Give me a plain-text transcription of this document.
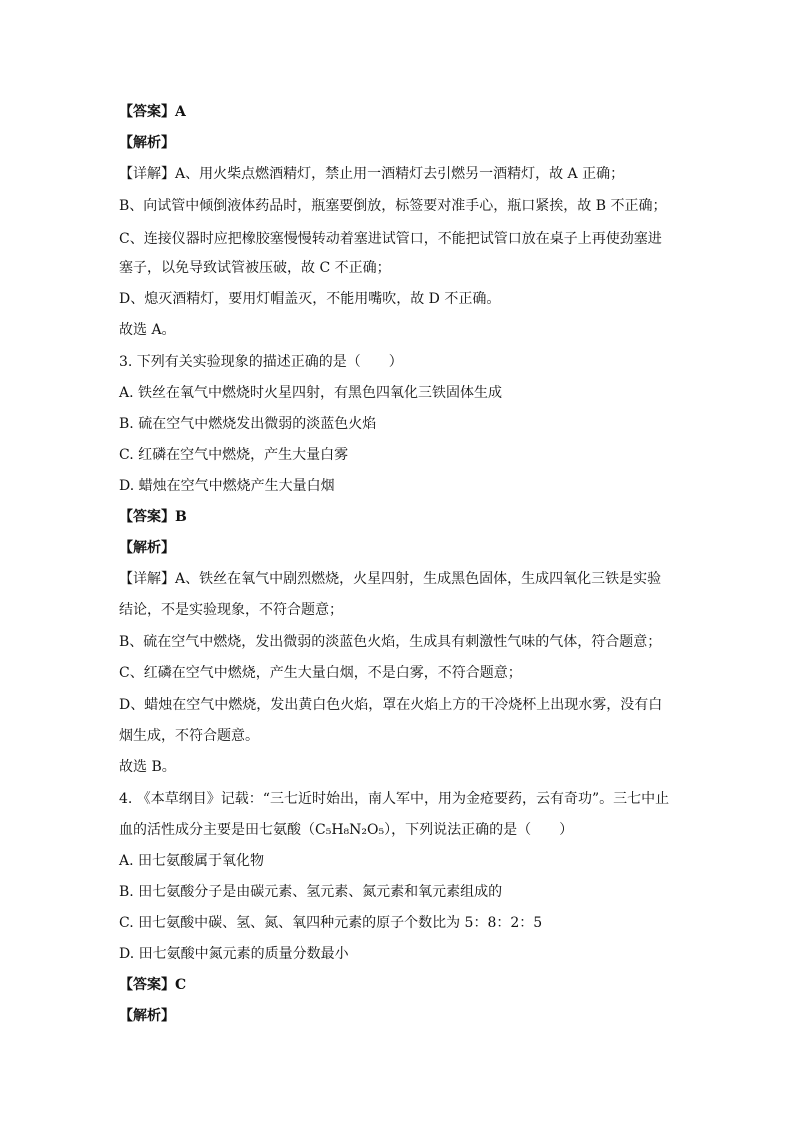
【答案】A
【解析】
【详解】A、用火柴点燃酒精灯，禁止用一酒精灯去引燃另一酒精灯，故 A 正确；
B、向试管中倾倒液体药品时，瓶塞要倒放，标签要对准手心，瓶口紧挨，故 B 不正确；
C、连接仪器时应把橡胶塞慢慢转动着塞进试管口，不能把试管口放在桌子上再使劲塞进
塞子，以免导致试管被压破，故 C 不正确；
D、熄灭酒精灯，要用灯帽盖灭，不能用嘴吹，故 D 不正确。
故选 A。
3. 下列有关实验现象的描述正确的是（　　）
A. 铁丝在氧气中燃烧时火星四射，有黑色四氧化三铁固体生成
B. 硫在空气中燃烧发出微弱的淡蓝色火焰
C. 红磷在空气中燃烧，产生大量白雾
D. 蜡烛在空气中燃烧产生大量白烟
【答案】B
【解析】
【详解】A、铁丝在氧气中剧烈燃烧，火星四射，生成黑色固体，生成四氧化三铁是实验
结论，不是实验现象，不符合题意；
B、硫在空气中燃烧，发出微弱的淡蓝色火焰，生成具有刺激性气味的气体，符合题意；
C、红磷在空气中燃烧，产生大量白烟，不是白雾，不符合题意；
D、蜡烛在空气中燃烧，发出黄白色火焰，罩在火焰上方的干冷烧杯上出现水雾，没有白
烟生成，不符合题意。
故选 B。
4. 《本草纲目》记载：“三七近时始出，南人军中，用为金疮要药，云有奇功”。三七中止
血的活性成分主要是田七氨酸（C₅H₈N₂O₅），下列说法正确的是（　　）
A. 田七氨酸属于氧化物
B. 田七氨酸分子是由碳元素、氢元素、氮元素和氧元素组成的
C. 田七氨酸中碳、氢、氮、氧四种元素的原子个数比为 5：8：2：5
D. 田七氨酸中氮元素的质量分数最小
【答案】C
【解析】
